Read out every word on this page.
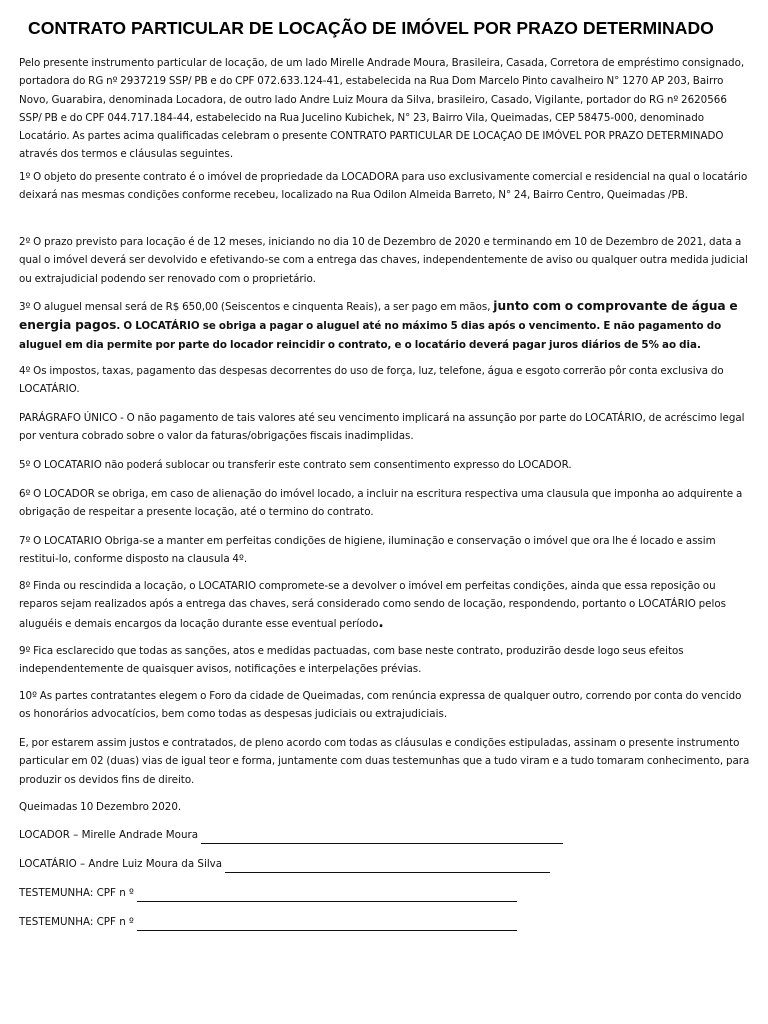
CONTRATO PARTICULAR DE LOCAÇÃO DE IMÓVEL POR PRAZO DETERMINADO

Pelo presente instrumento particular de locação, de um lado Mirelle Andrade Moura, Brasileira, Casada, Corretora de empréstimo consignado, portadora do RG nº 2937219 SSP/ PB e do CPF 072.633.124-41, estabelecida na Rua Dom Marcelo Pinto cavalheiro N° 1270 AP 203, Bairro Novo, Guarabira, denominada Locadora, de outro lado Andre Luiz Moura da Silva, brasileiro, Casado, Vigilante, portador do RG nº 2620566 SSP/ PB e do CPF 044.717.184-44, estabelecido na Rua Jucelino Kubichek, N° 23, Bairro Vila, Queimadas, CEP 58475-000, denominado Locatário. As partes acima qualificadas celebram o presente CONTRATO PARTICULAR DE LOCAÇAO DE IMÓVEL POR PRAZO DETERMINADO através dos termos e cláusulas seguintes.

1º O objeto do presente contrato é o imóvel de propriedade da LOCADORA para uso exclusivamente comercial e residencial na qual o locatário deixará nas mesmas condições conforme recebeu, localizado na Rua Odilon Almeida Barreto, N° 24, Bairro Centro, Queimadas /PB.

2º O prazo previsto para locação é de 12 meses, iniciando no dia 10 de Dezembro de 2020 e terminando em 10 de Dezembro de 2021, data a qual o imóvel deverá ser devolvido e efetivando-se com a entrega das chaves, independentemente de aviso ou qualquer outra medida judicial ou extrajudicial podendo ser renovado com o proprietário.

3º O aluguel mensal será de R$ 650,00 (Seiscentos e cinquenta Reais), a ser pago em mãos, junto com o comprovante de água e energia pagos. O LOCATÁRIO se obriga a pagar o aluguel até no máximo 5 dias após o vencimento. E não pagamento do aluguel em dia permite por parte do locador reincidir o contrato, e o locatário deverá pagar juros diários de 5% ao dia.

4º Os impostos, taxas, pagamento das despesas decorrentes do uso de força, luz, telefone, água e esgoto correrão pôr conta exclusiva do LOCATÁRIO.

PARÁGRAFO ÚNICO - O não pagamento de tais valores até seu vencimento implicará na assunção por parte do LOCATÁRIO, de acréscimo legal por ventura cobrado sobre o valor da faturas/obrigações fiscais inadimplidas.

5º O LOCATARIO não poderá sublocar ou transferir este contrato sem consentimento expresso do LOCADOR.

6º O LOCADOR se obriga, em caso de alienação do imóvel locado, a incluir na escritura respectiva uma clausula que imponha ao adquirente a obrigação de respeitar a presente locação, até o termino do contrato.

7º O LOCATARIO Obriga-se a manter em perfeitas condições de higiene, iluminação e conservação o imóvel que ora lhe é locado e assim restitui-lo, conforme disposto na clausula 4º.

8º Finda ou rescindida a locação, o LOCATARIO compromete-se a devolver o imóvel em perfeitas condições, ainda que essa reposição ou reparos sejam realizados após a entrega das chaves, será considerado como sendo de locação, respondendo, portanto o LOCATÁRIO pelos aluguéis e demais encargos da locação durante esse eventual período.

9º Fica esclarecido que todas as sanções, atos e medidas pactuadas, com base neste contrato, produzirão desde logo seus efeitos independentemente de quaisquer avisos, notificações e interpelações prévias.

10º As partes contratantes elegem o Foro da cidade de Queimadas, com renúncia expressa de qualquer outro, correndo por conta do vencido os honorários advocatícios, bem como todas as despesas judiciais ou extrajudiciais.

E, por estarem assim justos e contratados, de pleno acordo com todas as cláusulas e condições estipuladas, assinam o presente instrumento particular em 02 (duas) vias de igual teor e forma, juntamente com duas testemunhas que a tudo viram e a tudo tomaram conhecimento, para produzir os devidos fins de direito.

Queimadas 10 Dezembro 2020.

LOCADOR – Mirelle Andrade Moura
LOCATÁRIO – Andre Luiz Moura da Silva
TESTEMUNHA: CPF n º
TESTEMUNHA: CPF n º
